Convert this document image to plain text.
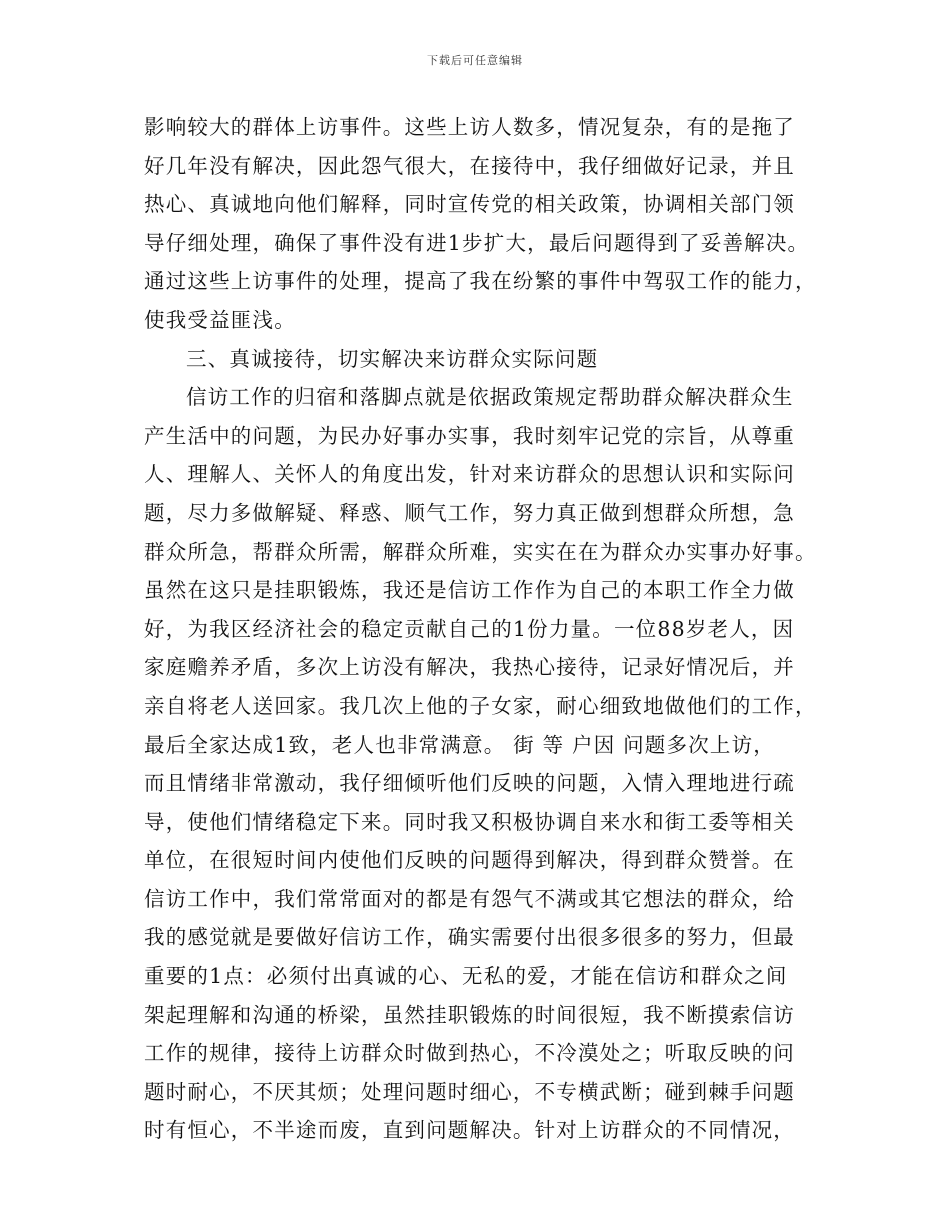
下载后可任意编辑
影响较大的群体上访事件。这些上访人数多，情况复杂，有的是拖了
好几年没有解决，因此怨气很大，在接待中，我仔细做好记录，并且
热心、真诚地向他们解释，同时宣传党的相关政策，协调相关部门领
导仔细处理，确保了事件没有进1步扩大，最后问题得到了妥善解决。
通过这些上访事件的处理，提高了我在纷繁的事件中驾驭工作的能力，
使我受益匪浅。
三、真诚接待，切实解决来访群众实际问题
信访工作的归宿和落脚点就是依据政策规定帮助群众解决群众生
产生活中的问题，为民办好事办实事，我时刻牢记党的宗旨，从尊重
人、理解人、关怀人的角度出发，针对来访群众的思想认识和实际问
题，尽力多做解疑、释惑、顺气工作，努力真正做到想群众所想，急
群众所急，帮群众所需，解群众所难，实实在在为群众办实事办好事。
虽然在这只是挂职锻炼，我还是信访工作作为自己的本职工作全力做
好，为我区经济社会的稳定贡献自己的1份力量。一位88岁老人，因
家庭赡养矛盾，多次上访没有解决，我热心接待，记录好情况后，并
亲自将老人送回家。我几次上他的子女家，耐心细致地做他们的工作，
最后全家达成1致，老人也非常满意。 街 等 户因 问题多次上访，
而且情绪非常激动，我仔细倾听他们反映的问题，入情入理地进行疏
导，使他们情绪稳定下来。同时我又积极协调自来水和街工委等相关
单位，在很短时间内使他们反映的问题得到解决，得到群众赞誉。在
信访工作中，我们常常面对的都是有怨气不满或其它想法的群众，给
我的感觉就是要做好信访工作，确实需要付出很多很多的努力，但最
重要的1点：必须付出真诚的心、无私的爱，才能在信访和群众之间
架起理解和沟通的桥梁，虽然挂职锻炼的时间很短，我不断摸索信访
工作的规律，接待上访群众时做到热心，不冷漠处之；听取反映的问
题时耐心，不厌其烦；处理问题时细心，不专横武断；碰到棘手问题
时有恒心，不半途而废，直到问题解决。针对上访群众的不同情况，
